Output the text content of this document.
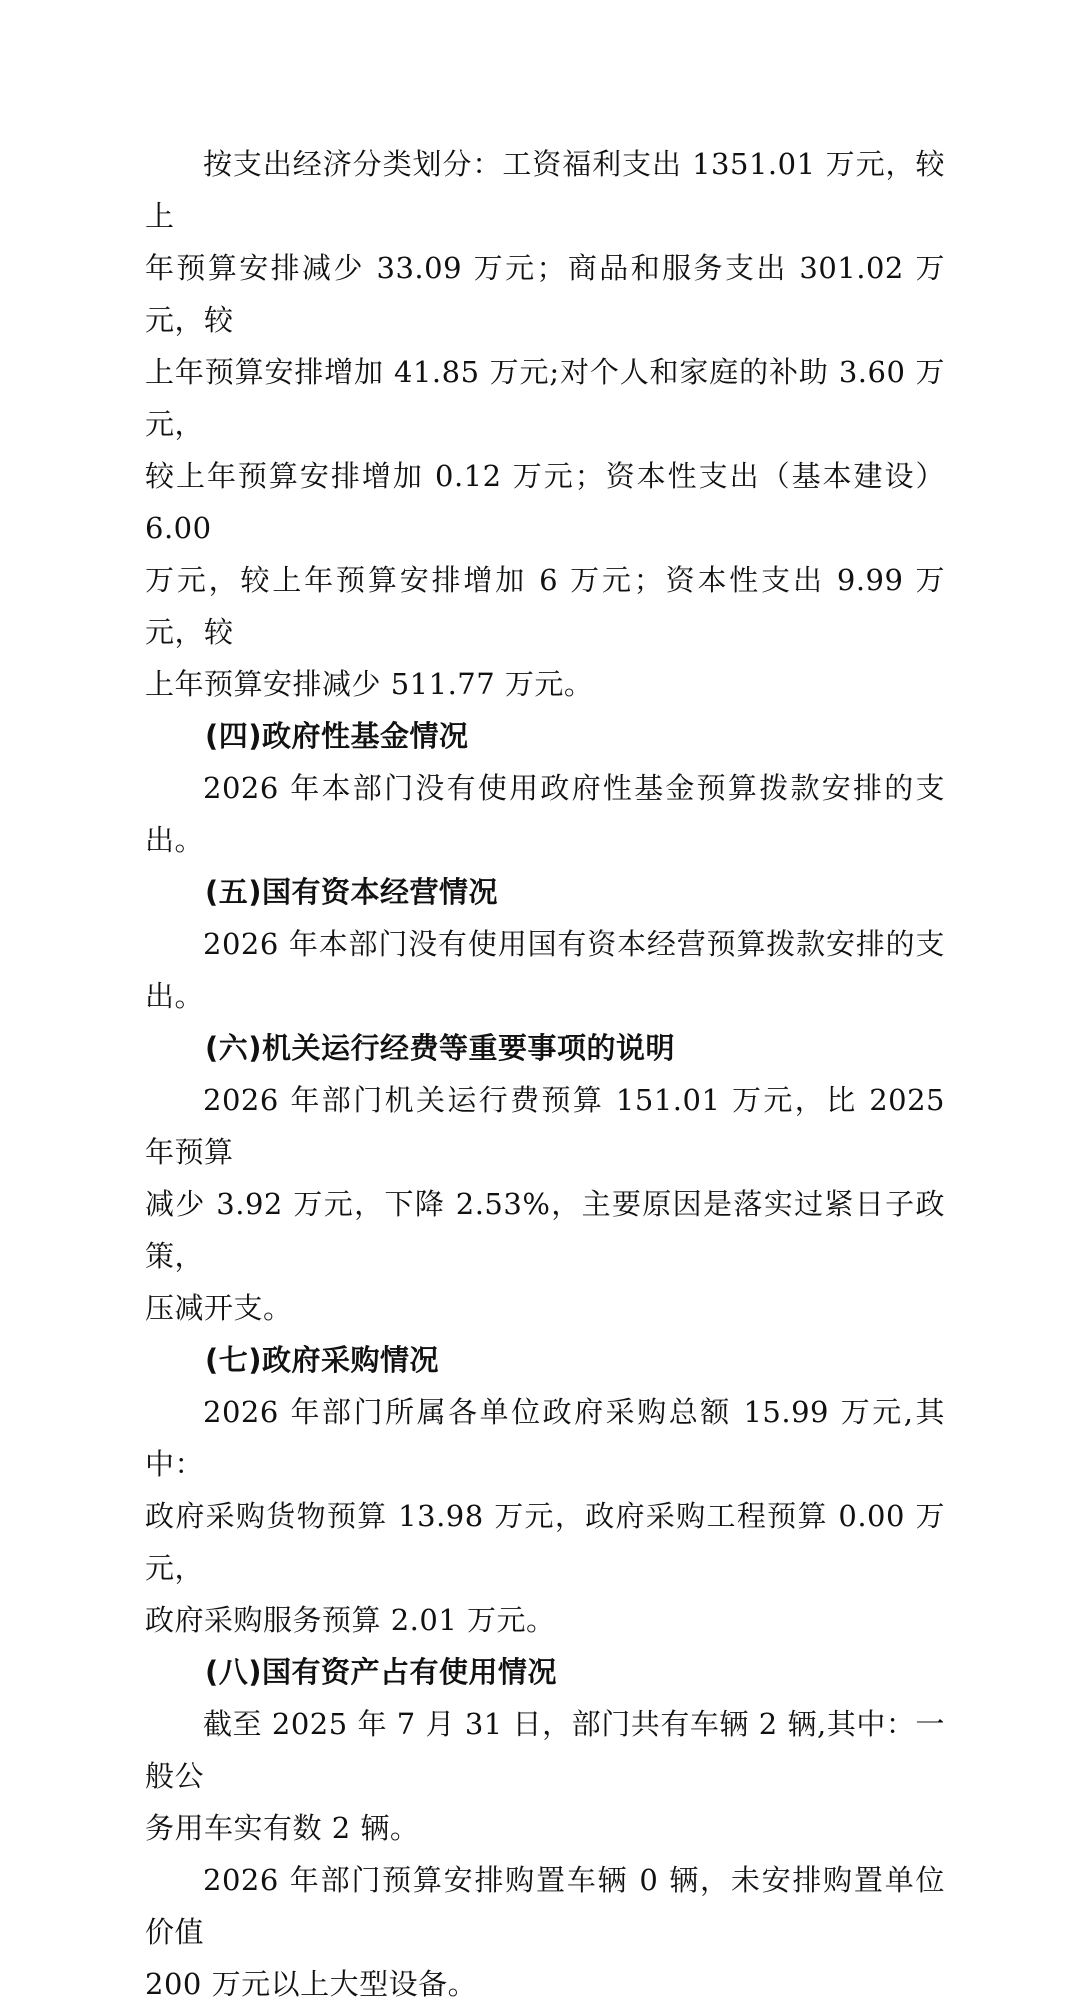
按支出经济分类划分：工资福利支出 1351.01 万元，较上
年预算安排减少 33.09 万元；商品和服务支出 301.02 万元，较
上年预算安排增加 41.85 万元;对个人和家庭的补助 3.60 万元，
较上年预算安排增加 0.12 万元；资本性支出（基本建设）6.00
万元，较上年预算安排增加 6 万元；资本性支出 9.99 万元，较
上年预算安排减少 511.77 万元。

(四)政府性基金情况

2026 年本部门没有使用政府性基金预算拨款安排的支出。

(五)国有资本经营情况

2026 年本部门没有使用国有资本经营预算拨款安排的支出。

(六)机关运行经费等重要事项的说明

2026 年部门机关运行费预算 151.01 万元，比 2025 年预算
减少 3.92 万元，下降 2.53%，主要原因是落实过紧日子政策，
压减开支。

(七)政府采购情况

2026 年部门所属各单位政府采购总额 15.99 万元,其中：
政府采购货物预算 13.98 万元，政府采购工程预算 0.00 万元，
政府采购服务预算 2.01 万元。

(八)国有资产占有使用情况

截至 2025 年 7 月 31 日，部门共有车辆 2 辆,其中：一般公
务用车实有数 2 辆。

2026 年部门预算安排购置车辆 0 辆，未安排购置单位价值
200 万元以上大型设备。
